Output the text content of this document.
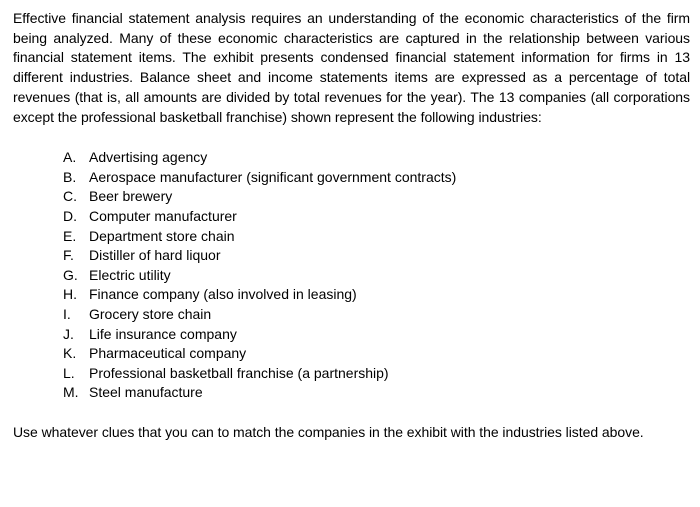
Effective financial statement analysis requires an understanding of the economic characteristics of the firm being analyzed. Many of these economic characteristics are captured in the relationship between various financial statement items. The exhibit presents condensed financial statement information for firms in 13 different industries. Balance sheet and income statements items are expressed as a percentage of total revenues (that is, all amounts are divided by total revenues for the year). The 13 companies (all corporations except the professional basketball franchise) shown represent the following industries:

A. Advertising agency
B. Aerospace manufacturer (significant government contracts)
C. Beer brewery
D. Computer manufacturer
E. Department store chain
F.	Distiller of hard liquor
G. Electric utility
H. Finance company (also involved in leasing)
I.	Grocery store chain
J.	Life insurance company
K. Pharmaceutical company
L.	Professional basketball franchise (a partnership)
M. Steel manufacture

Use whatever clues that you can to match the companies in the exhibit with the industries listed above.
